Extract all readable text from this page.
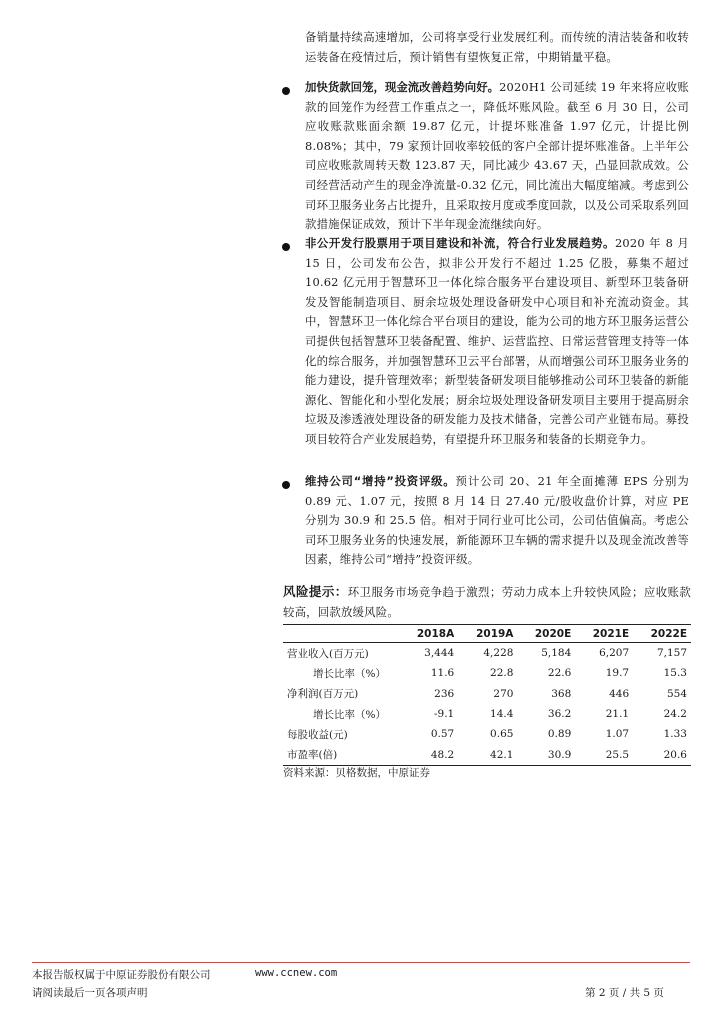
备销量持续高速增加，公司将享受行业发展红利。而传统的清洁装备和收转运装备在疫情过后，预计销售有望恢复正常，中期销量平稳。
加快货款回笼，现金流改善趋势向好。2020H1 公司延续 19 年来将应收账款的回笼作为经营工作重点之一，降低坏账风险。截至 6 月 30 日，公司应收账款账面余额 19.87 亿元，计提坏账准备 1.97 亿元，计提比例 8.08%；其中，79 家预计回收率较低的客户全部计提坏账准备。上半年公司应收账款周转天数 123.87 天，同比减少 43.67 天，凸显回款成效。公司经营活动产生的现金净流量-0.32 亿元，同比流出大幅度缩减。考虑到公司环卫服务业务占比提升，且采取按月度或季度回款，以及公司采取系列回款措施保证成效，预计下半年现金流继续向好。
非公开发行股票用于项目建设和补流，符合行业发展趋势。2020 年 8 月 15 日，公司发布公告，拟非公开发行不超过 1.25 亿股，募集不超过 10.62 亿元用于智慧环卫一体化综合服务平台建设项目、新型环卫装备研发及智能制造项目、厨余垃圾处理设备研发中心项目和补充流动资金。其中，智慧环卫一体化综合平台项目的建设，能为公司的地方环卫服务运营公司提供包括智慧环卫装备配置、维护、运营监控、日常运营管理支持等一体化的综合服务，并加强智慧环卫云平台部署，从而增强公司环卫服务业务的能力建设，提升管理效率；新型装备研发项目能够推动公司环卫装备的新能源化、智能化和小型化发展；厨余垃圾处理设备研发项目主要用于提高厨余垃圾及渗透液处理设备的研发能力及技术储备，完善公司产业链布局。募投项目较符合产业发展趋势，有望提升环卫服务和装备的长期竞争力。
维持公司“增持”投资评级。预计公司 20、21 年全面摊薄 EPS 分别为 0.89 元、1.07 元，按照 8 月 14 日 27.40 元/股收盘价计算，对应 PE 分别为 30.9 和 25.5 倍。相对于同行业可比公司，公司估值偏高。考虑公司环卫服务业务的快速发展，新能源环卫车辆的需求提升以及现金流改善等因素，维持公司“增持”投资评级。
风险提示：环卫服务市场竞争趋于激烈；劳动力成本上升较快风险；应收账款较高，回款放缓风险。
	2018A	2019A	2020E	2021E	2022E
营业收入(百万元)	3,444	4,228	5,184	6,207	7,157
增长比率（%）	11.6	22.8	22.6	19.7	15.3
净利润(百万元)	236	270	368	446	554
增长比率（%）	-9.1	14.4	36.2	21.1	24.2
每股收益(元)	0.57	0.65	0.89	1.07	1.33
市盈率(倍)	48.2	42.1	30.9	25.5	20.6
资料来源：贝格数据，中原证券
本报告版权属于中原证券股份有限公司	www.ccnew.com
请阅读最后一页各项声明	第 2 页 / 共 5 页
